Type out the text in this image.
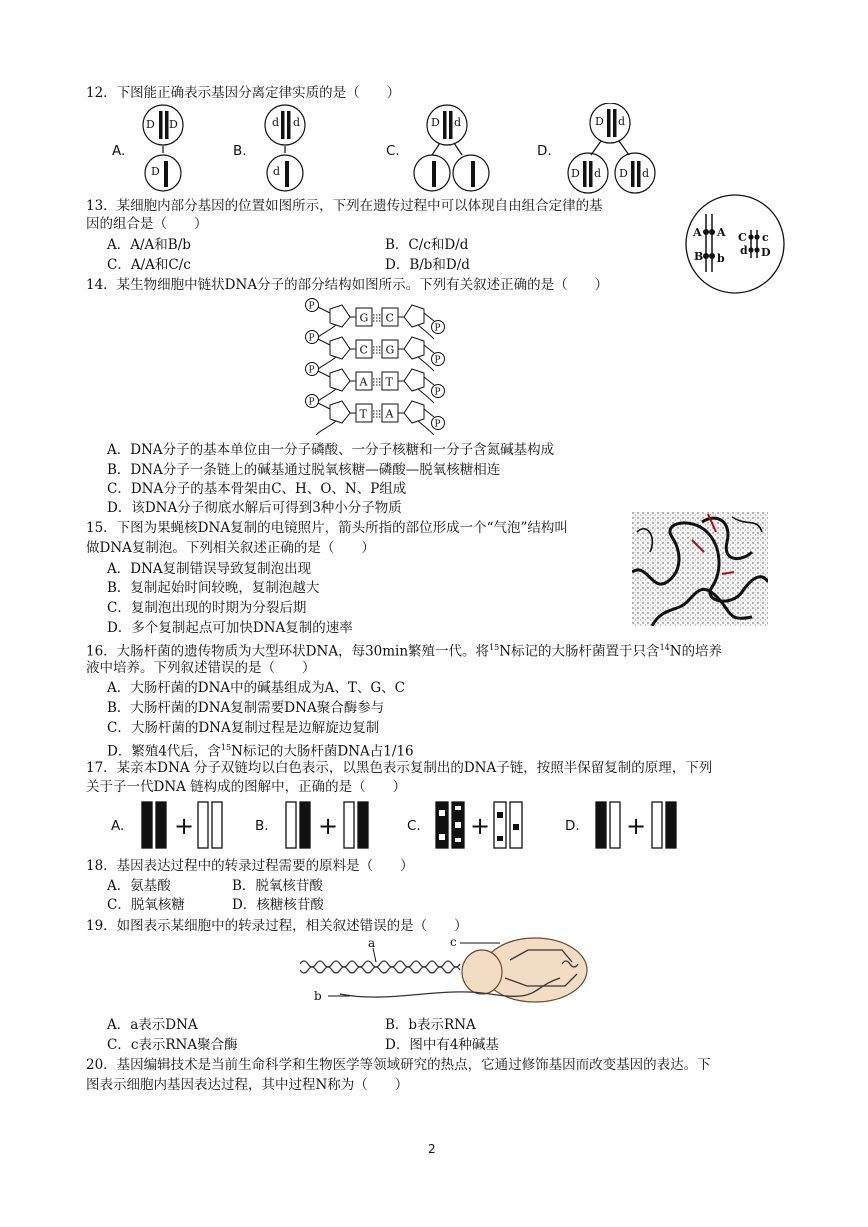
12．下图能正确表示基因分离定律实质的是（　　）
A.	B.	C.	D.
D D
D
d d
d
D d	D d
D d D d
13．某细胞内部分基因的位置如图所示，下列在遗传过程中可以体现自由组合定律的基
因的组合是（　　）
A．A/A和B/b	B．C/c和D/d
C．A/A和C/c	D．B/b和D/d
A A
B b
C c
d D
14．某生物细胞中链状DNA分子的部分结构如图所示。下列有关叙述正确的是（　　）
P
G C
P
P
C G
P
P
A T
P
P
T A
P
A．DNA分子的基本单位由一分子磷酸、一分子核糖和一分子含氮碱基构成
B．DNA分子一条链上的碱基通过脱氧核糖—磷酸—脱氧核糖相连
C．DNA分子的基本骨架由C、H、O、N、P组成
D．该DNA分子彻底水解后可得到3种小分子物质
15．下图为果蝇核DNA复制的电镜照片，箭头所指的部位形成一个“气泡”结构叫
做DNA复制泡。下列相关叙述正确的是（　　）
A．DNA复制错误导致复制泡出现
B．复制起始时间较晚，复制泡越大
C．复制泡出现的时期为分裂后期
D．多个复制起点可加快DNA复制的速率
16．大肠杆菌的遗传物质为大型环状DNA，每30min繁殖一代。将$^{15}$N标记的大肠杆菌置于只含$^{14}$N的培养
液中培养。下列叙述错误的是（　　）
A．大肠杆菌的DNA中的碱基组成为A、T、G、C
B．大肠杆菌的DNA复制需要DNA聚合酶参与
C．大肠杆菌的DNA复制过程是边解旋边复制
D．繁殖4代后，含$^{15}$N标记的大肠杆菌DNA占1/16
17．某亲本DNA 分子双链均以白色表示，以黑色表示复制出的DNA子链，按照半保留复制的原理，下列
关于子一代DNA 链构成的图解中，正确的是（　　）
A.	B.	C.	D.
+	+	+	+
18．基因表达过程中的转录过程需要的原料是（　　）
A．氨基酸	B．脱氧核苷酸
C．脱氧核糖	D．核糖核苷酸
19．如图表示某细胞中的转录过程，相关叙述错误的是（　　）
a
b
c
A．a表示DNA	B．b表示RNA
C．c表示RNA聚合酶	D．图中有4种碱基
20．基因编辑技术是当前生命科学和生物医学等领域研究的热点，它通过修饰基因而改变基因的表达。下
图表示细胞内基因表达过程，其中过程N称为（　　）
2
